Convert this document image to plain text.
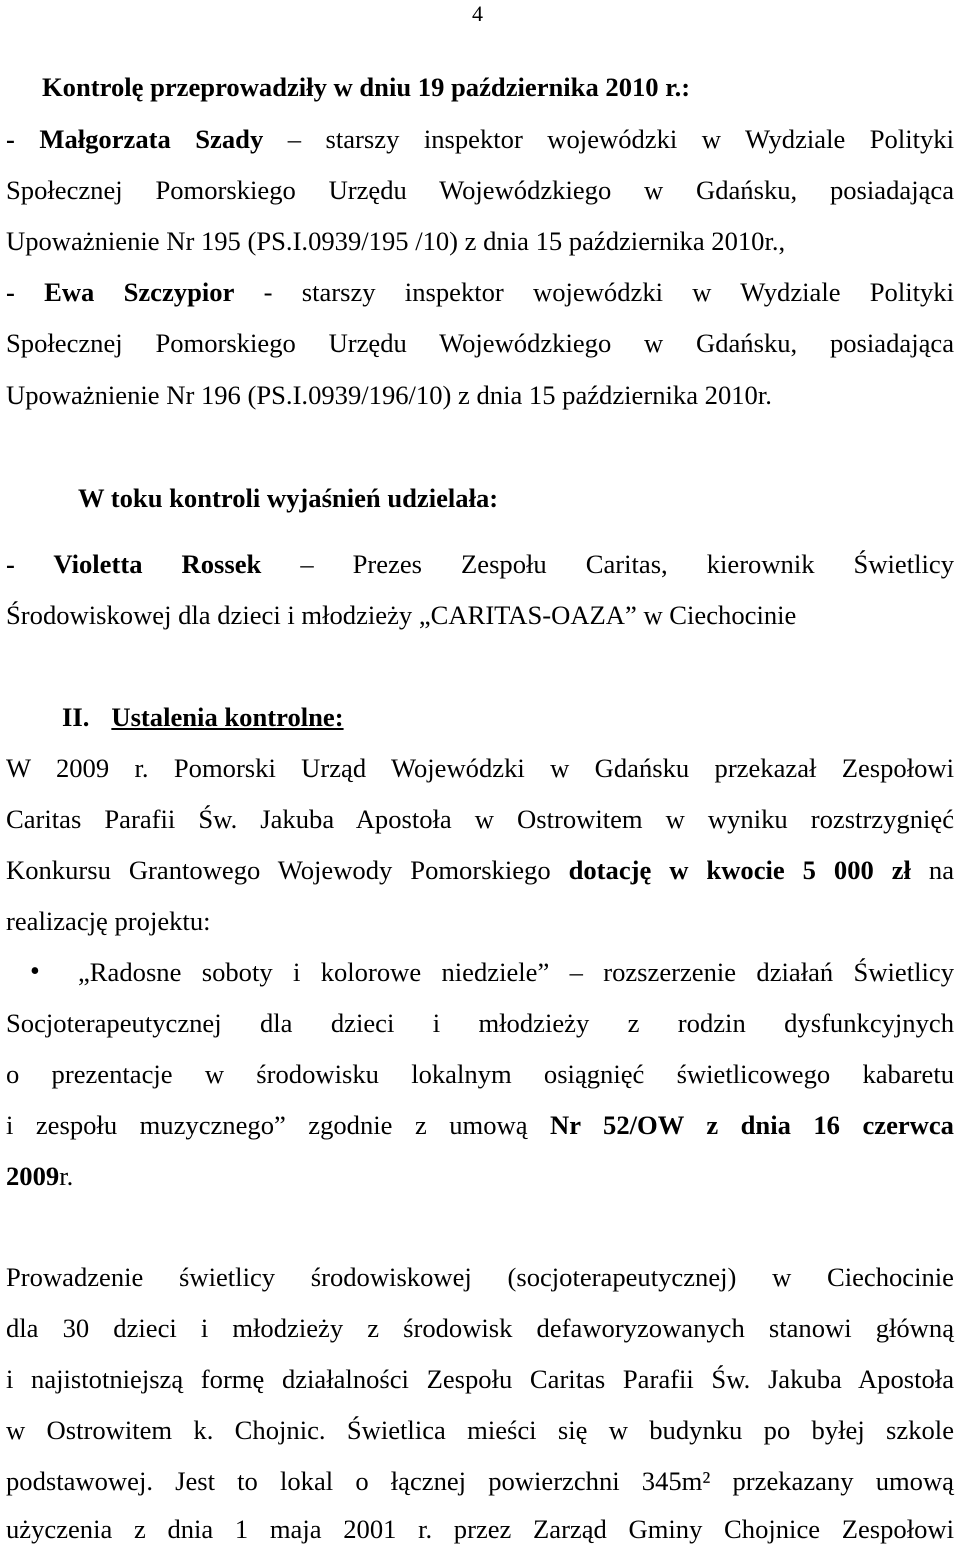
4

Kontrolę przeprowadziły w dniu 19 października 2010 r.:

- Małgorzata Szady – starszy inspektor wojewódzki w Wydziale Polityki

Społecznej Pomorskiego Urzędu Wojewódzkiego w Gdańsku, posiadająca

Upoważnienie Nr 195 (PS.I.0939/195 /10) z dnia 15 października 2010r.,

- Ewa Szczypior - starszy inspektor wojewódzki w Wydziale Polityki

Społecznej Pomorskiego Urzędu Wojewódzkiego w Gdańsku, posiadająca

Upoważnienie Nr 196 (PS.I.0939/196/10) z dnia 15 października 2010r.

W toku kontroli wyjaśnień udzielała:

- Violetta Rossek – Prezes Zespołu Caritas, kierownik Świetlicy

Środowiskowej dla dzieci i młodzieży „CARITAS-OAZA” w Ciechocinie

II. Ustalenia kontrolne:

W 2009 r. Pomorski Urząd Wojewódzki w Gdańsku przekazał Zespołowi

Caritas Parafii Św. Jakuba Apostoła w Ostrowitem w wyniku rozstrzygnięć

Konkursu Grantowego Wojewody Pomorskiego dotację w kwocie 5 000 zł na

realizację projektu:

• „Radosne soboty i kolorowe niedziele” – rozszerzenie działań Świetlicy

Socjoterapeutycznej dla dzieci i młodzieży z rodzin dysfunkcyjnych

o prezentacje w środowisku lokalnym osiągnięć świetlicowego kabaretu

i zespołu muzycznego” zgodnie z umową Nr 52/OW z dnia 16 czerwca

2009r.

Prowadzenie świetlicy środowiskowej (socjoterapeutycznej) w Ciechocinie

dla 30 dzieci i młodzieży z środowisk defaworyzowanych stanowi główną

i najistotniejszą formę działalności Zespołu Caritas Parafii Św. Jakuba Apostoła

w Ostrowitem k. Chojnic. Świetlica mieści się w budynku po byłej szkole

podstawowej. Jest to lokal o łącznej powierzchni 345m² przekazany umową

użyczenia z dnia 1 maja 2001 r. przez Zarząd Gminy Chojnice Zespołowi
